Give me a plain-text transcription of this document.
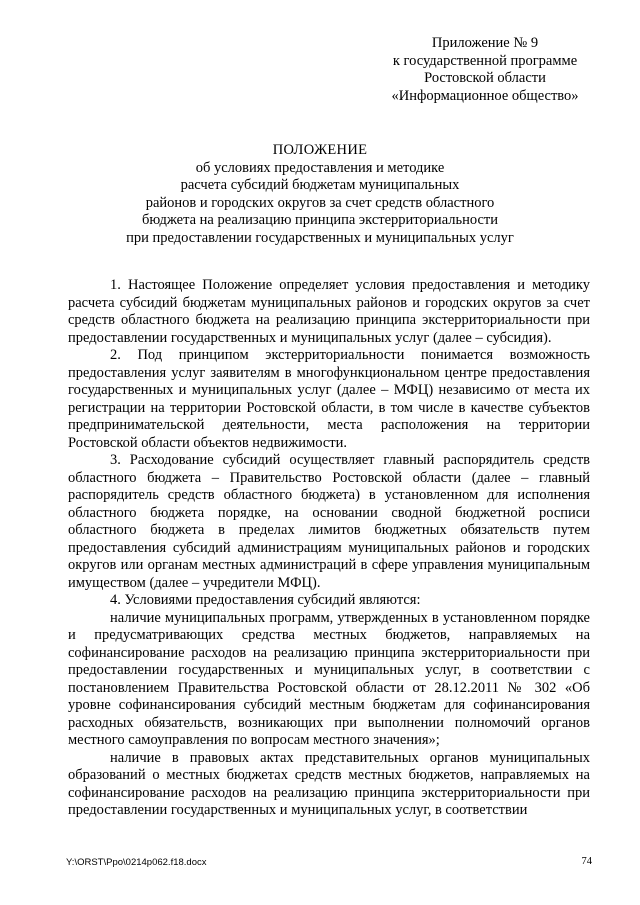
Приложение № 9
к государственной программе
Ростовской области
«Информационное общество»
ПОЛОЖЕНИЕ
об условиях предоставления и методике
расчета субсидий бюджетам муниципальных
районов и городских округов за счет средств областного
бюджета на реализацию принципа экстерриториальности
при предоставлении государственных и муниципальных услуг

1. Настоящее Положение определяет условия предоставления и методику расчета субсидий бюджетам муниципальных районов и городских округов за счет средств областного бюджета на реализацию принципа экстерриториальности при предоставлении государственных и муниципальных услуг (далее – субсидия).

2. Под принципом экстерриториальности понимается возможность предоставления услуг заявителям в многофункциональном центре предоставления государственных и муниципальных услуг (далее – МФЦ) независимо от места их регистрации на территории Ростовской области, в том числе в качестве субъектов предпринимательской деятельности, места расположения на территории Ростовской области объектов недвижимости.

3. Расходование субсидий осуществляет главный распорядитель средств областного бюджета – Правительство Ростовской области (далее – главный распорядитель средств областного бюджета) в установленном для исполнения областного бюджета порядке, на основании сводной бюджетной росписи областного бюджета в пределах лимитов бюджетных обязательств путем предоставления субсидий администрациям муниципальных районов и городских округов или органам местных администраций в сфере управления муниципальным имуществом (далее – учредители МФЦ).

4. Условиями предоставления субсидий являются:

наличие муниципальных программ, утвержденных в установленном порядке и предусматривающих средства местных бюджетов, направляемых на софинансирование расходов на реализацию принципа экстерриториальности при предоставлении государственных и муниципальных услуг, в соответствии с постановлением Правительства Ростовской области от 28.12.2011 № 302 «Об уровне софинансирования субсидий местным бюджетам для софинансирования расходных обязательств, возникающих при выполнении полномочий органов местного самоуправления по вопросам местного значения»;

наличие в правовых актах представительных органов муниципальных образований о местных бюджетах средств местных бюджетов, направляемых на софинансирование расходов на реализацию принципа экстерриториальности при предоставлении государственных и муниципальных услуг, в соответствии

Y:\ORST\Ppo\0214p062.f18.docx	74
